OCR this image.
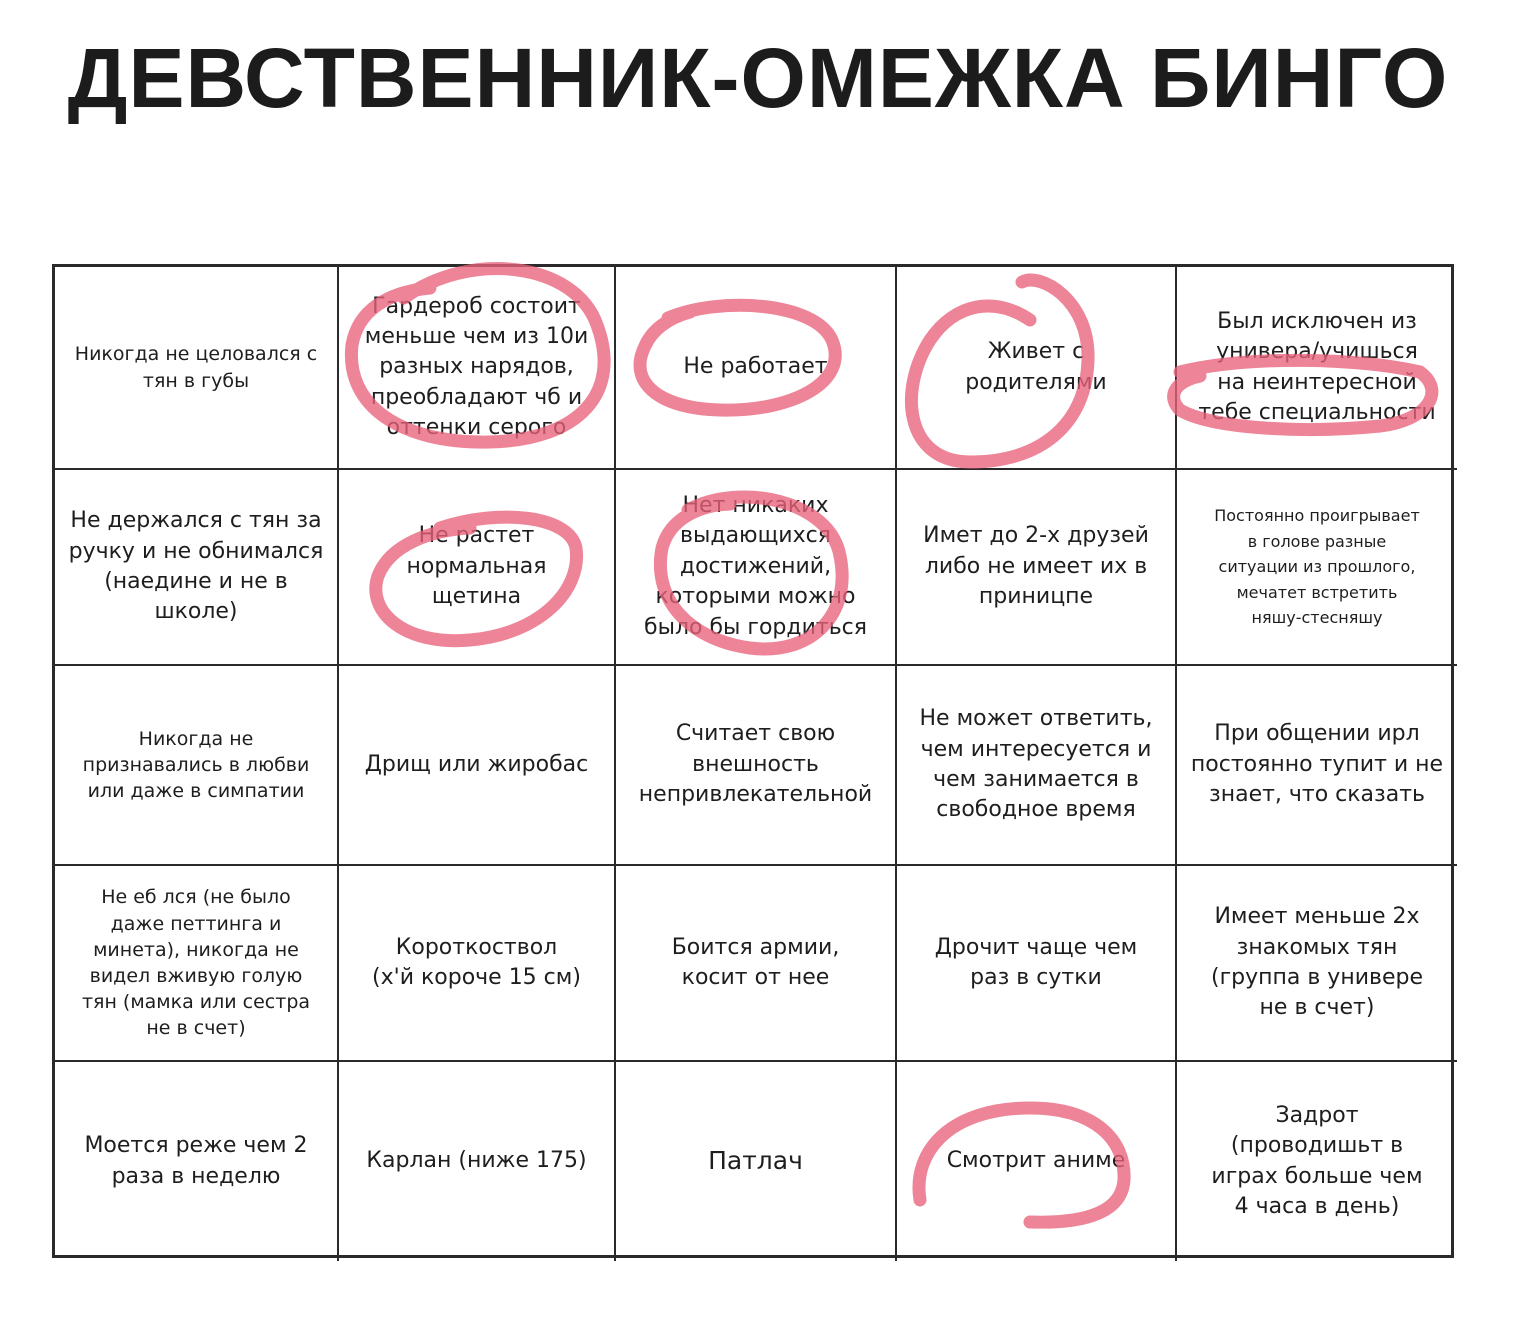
ДЕВСТВЕННИК-ОМЕЖКА БИНГО
Никогда не целовался с
тян в губы
Гардероб состоит
меньше чем из 10и
разных нарядов,
преобладают чб и
оттенки серого
Не работает
Живет с
родителями
Был исключен из
универа/учишься
на неинтересной
тебе специальности
Не держался с тян за
ручку и не обнимался
(наедине и не в
школе)
Не растет
нормальная
щетина
Нет никаких
выдающихся
достижений,
которыми можно
было бы гордиться
Имет до 2-х друзей
либо не имеет их в
приницпе
Постоянно проигрывает
в голове разные
ситуации из прошлого,
мечатет встретить
няшу-стесняшу
Никогда не
признавались в любви
или даже в симпатии
Дрищ или жиробас
Считает свою
внешность
непривлекательной
Не может ответить,
чем интересуется и
чем занимается в
свободное время
При общении ирл
постоянно тупит и не
знает, что сказать
Не еб лся (не было
даже петтинга и
минета), никогда не
видел вживую голую
тян (мамка или сестра
не в счет)
Короткоствол
(х'й короче 15 см)
Боится армии,
косит от нее
Дрочит чаще чем
раз в сутки
Имеет меньше 2х
знакомых тян
(группа в универе
не в счет)
Моется реже чем 2
раза в неделю
Карлан (ниже 175)	Патлач	Смотрит аниме
Задрот
(проводишьт в
играх больше чем
4 часа в день)
